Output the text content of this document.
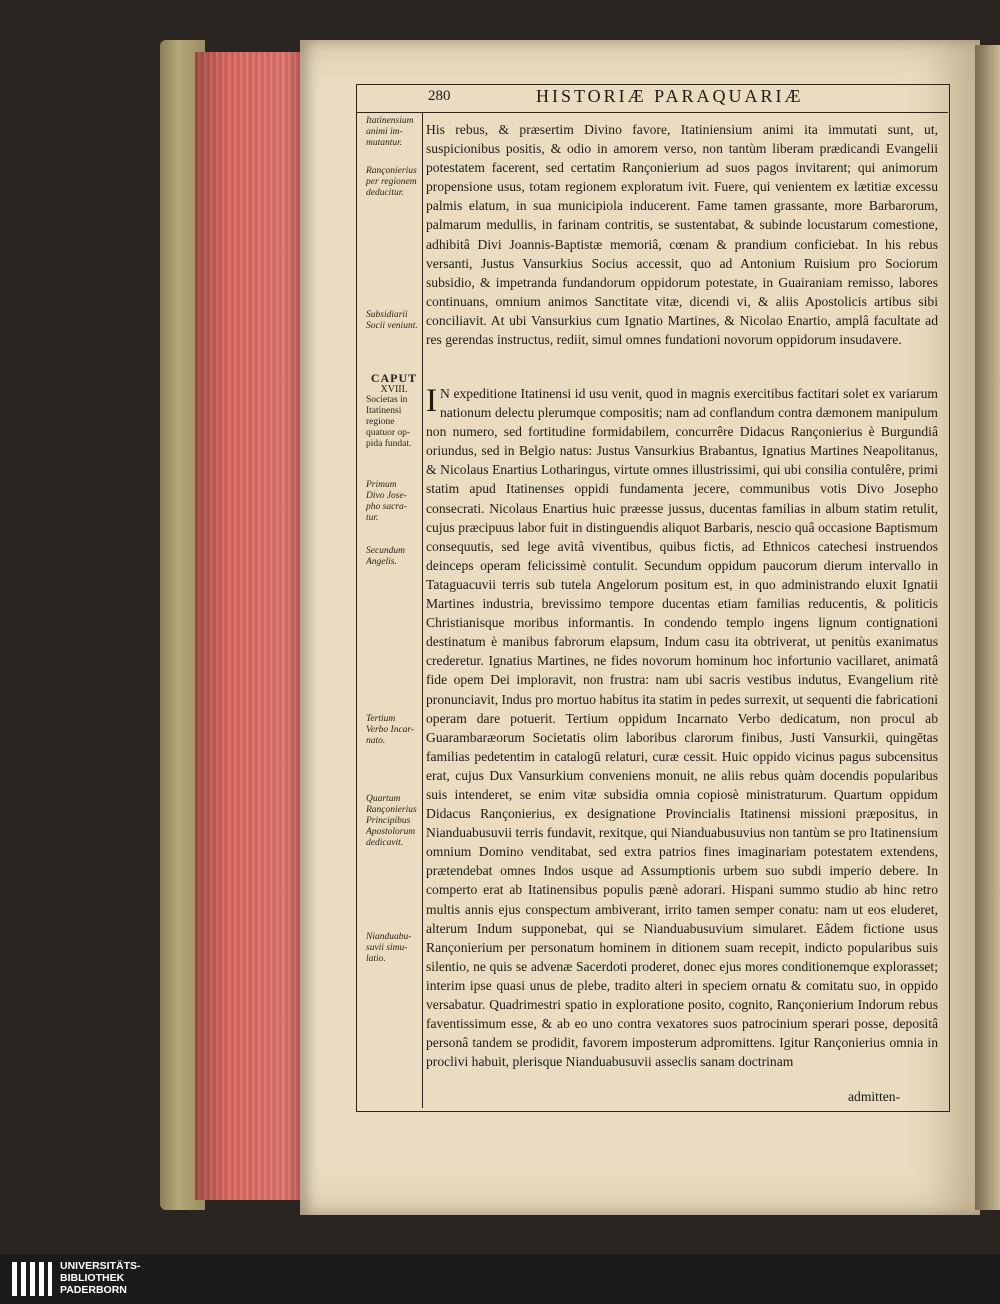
280	HISTORIÆ PARAQUARIÆ
Itatinensium
animi im-
mutantur.
Rançonierius
per regionem
deducitur.
Subsidiarii
Socii veniunt.
Primum
Divo Jose-
pho sacra-
tur.
Secundum
Angelis.
Tertium
Verbo Incar-
nato.
Quartum
Rançonierius
Principibus
Apostolorum
dedicavit.
Nianduabu-
suvii simu-
latio.
CAPUT
XVIII.
Societas in
Itatinensi
regione
quatuor op-
pida fundat.
His rebus, & præsertim Divino favore, Itatiniensium animi ita immutati sunt, ut, suspicionibus positis, & odio in amorem verso, non tantùm liberam prædicandi Evangelii potestatem facerent, sed certatim Rançonierium ad suos pagos invitarent; qui animorum propensione usus, totam regionem exploratum ivit. Fuere, qui venientem ex lætitiæ excessu palmis elatum, in sua municipiola inducerent. Fame tamen grassante, more Barbarorum, palmarum medullis, in farinam contritis, se sustentabat, & subinde locustarum comestione, adhibitâ Divi Joannis-Baptistæ memoriâ, cœnam & prandium conficiebat. In his rebus versanti, Justus Vansurkius Socius accessit, quo ad Antonium Ruisium pro Sociorum subsidio, & impetranda fundandorum oppidorum potestate, in Guairaniam remisso, labores continuans, omnium animos Sanctitate vitæ, dicendi vi, & aliis Apostolicis artibus sibi conciliavit. At ubi Vansurkius cum Ignatio Martines, & Nicolao Enartio, amplâ facultate ad res gerendas instructus, rediit, simul omnes fundationi novorum oppidorum insudavere.
I N expeditione Itatinensi id usu venit, quod in magnis exercitibus factitari solet ex variarum nationum delectu plerumque compositis; nam ad conflandum contra dæmonem manipulum non numero, sed fortitudine formidabilem, concurrêre Didacus Rançonierius è Burgundiâ oriundus, sed in Belgio natus: Justus Vansurkius Brabantus, Ignatius Martines Neapolitanus, & Nicolaus Enartius Lotharingus, virtute omnes illustrissimi, qui ubi consilia contulêre, primi statim apud Itatinenses oppidi fundamenta jecere, communibus votis Divo Josepho consecrati. Nicolaus Enartius huic præesse jussus, ducentas familias in album statim retulit, cujus præcipuus labor fuit in distinguendis aliquot Barbaris, nescio quâ occasione Baptismum consequutis, sed lege avitâ viventibus, quibus fictis, ad Ethnicos catechesi instruendos deinceps operam felicissimè contulit. Secundum oppidum paucorum dierum intervallo in Tataguacuvii terris sub tutela Angelorum positum est, in quo administrando eluxit Ignatii Martines industria, brevissimo tempore ducentas etiam familias reducentis, & politicis Christianisque moribus informantis. In condendo templo ingens lignum contignationi destinatum è manibus fabrorum elapsum, Indum casu ita obtriverat, ut penitùs exanimatus crederetur. Ignatius Martines, ne fides novorum hominum hoc infortunio vacillaret, animatâ fide opem Dei imploravit, non frustra: nam ubi sacris vestibus indutus, Evangelium ritè pronunciavit, Indus pro mortuo habitus ita statim in pedes surrexit, ut sequenti die fabricationi operam dare potuerit. Tertium oppidum Incarnato Verbo dedicatum, non procul ab Guarambaræorum Societatis olim laboribus clarorum finibus, Justi Vansurkii, quingētas familias pedetentim in catalogū relaturi, curæ cessit. Huic oppido vicinus pagus subcensitus erat, cujus Dux Vansurkium conveniens monuit, ne aliis rebus quàm docendis popularibus suis intenderet, se enim vitæ subsidia omnia copiosè ministraturum. Quartum oppidum Didacus Rançonierius, ex designatione Provincialis Itatinensi missioni præpositus, in Nianduabusuvii terris fundavit, rexitque, qui Nianduabusuvius non tantùm se pro Itatinensium omnium Domino venditabat, sed extra patrios fines imaginariam potestatem extendens, prætendebat omnes Indos usque ad Assumptionis urbem suo subdi imperio debere. In comperto erat ab Itatinensibus populis pænè adorari. Hispani summo studio ab hinc retro multis annis ejus conspectum ambiverant, irrito tamen semper conatu: nam ut eos eluderet, alterum Indum supponebat, qui se Nianduabusuvium simularet. Eâdem fictione usus Rançonierium per personatum hominem in ditionem suam recepit, indicto popularibus suis silentio, ne quis se advenæ Sacerdoti proderet, donec ejus mores conditionemque explorasset; interim ipse quasi unus de plebe, tradito alteri in speciem ornatu & comitatu suo, in oppido versabatur. Quadrimestri spatio in exploratione posito, cognito, Rançonierium Indorum rebus faventissimum esse, & ab eo uno contra vexatores suos patrocinium sperari posse, depositâ personâ tandem se prodidit, favorem imposterum adpromittens. Igitur Rançonierius omnia in proclivi habuit, plerisque Nianduabusuvii asseclis sanam doctrinam
admitten-
UNIVERSITÄTS-
BIBLIOTHEK
PADERBORN
